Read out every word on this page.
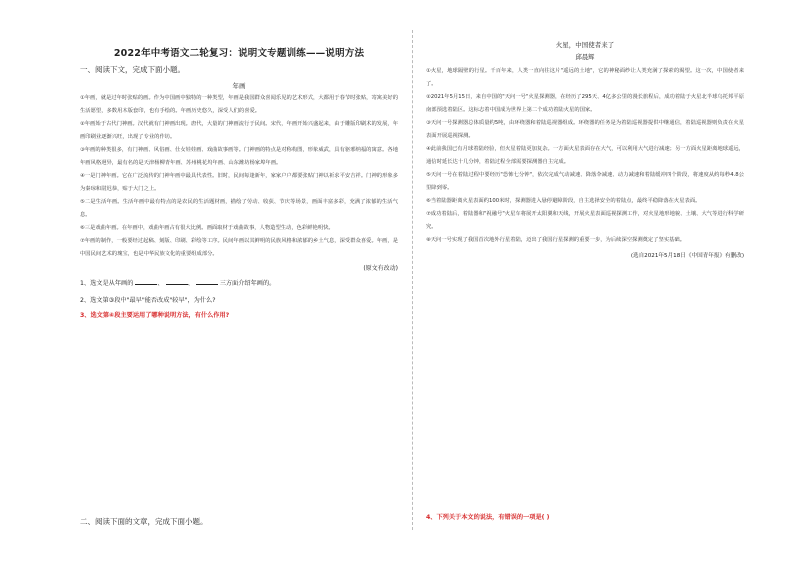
2022年中考语文二轮复习：说明文专题训练——说明方法

一、阅读下文，完成下面小题。

年画

①年画，就是过年时张贴的画。作为中国画中独特的一种类型，年画是我国群众喜闻乐见的艺术形式，大都用于春节时张贴，寄寓美好的生活愿望，多数用木版套印，也有手绘的。年画历史悠久，深受人们的喜爱。

②年画始于古代门神画。汉代就有门神画出现。唐代，大量的门神画流行于民间。宋代，年画开始兴盛起来，由于雕版印刷术的发展，年画印刷业逐渐兴旺，出现了专业的作坊。

③年画的种类很多，有门神画、风俗画、仕女娃娃画、戏曲故事画等。门神画的特点是对称构图，形象威武，具有驱邪纳福的寓意。各地年画风格迥异，最有名的是天津杨柳青年画、苏州桃花坞年画、山东潍坊杨家埠年画。

④一是门神年画。它在广泛流传的门神年画中最具代表性。旧时，民间每逢新年，家家户户都要张贴门神以祈求平安吉祥。门神的形象多为秦琼和尉迟恭，贴于大门之上。

⑤二是生活年画。生活年画中最有特点的是农民的生活题材画，描绘了劳动、收获、节庆等场景，画面丰富多彩，充满了浓郁的生活气息。

⑥三是戏曲年画。在年画中，戏曲年画占有很大比例。画面取材于戏曲故事，人物造型生动，色彩鲜艳明快。

⑦年画的制作，一般要经过起稿、刻版、印刷、彩绘等工序。民间年画以其鲜明的民族风格和浓郁的乡土气息，深受群众喜爱。年画，是中国民间艺术的瑰宝，也是中华民族文化的重要组成部分。

(原文有改动)

1、选文是从年画的	、	、	三方面介绍年画的。

2、选文第③段中"最早"能否改成"较早"，为什么?

3、选文第④段主要运用了哪种说明方法，有什么作用?

二、阅读下面的文章，完成下面小题。

火星，中国使者来了

邱晨辉

①火星，地球隔壁的行星。千百年来，人类一直向往这片"遥远的土地"，它的神秘面纱让人类充满了探索的渴望。这一次，中国使者来了。

②2021年5月15日，来自中国的"天问一号"火星探测器，在经历了295天、4亿多公里的漫长旅程后，成功着陆于火星北半球乌托邦平原南部预选着陆区。这标志着中国成为世界上第二个成功着陆火星的国家。

③天问一号探测器总体质量约5吨，由环绕器和着陆巡视器组成。环绕器的任务是为着陆巡视器提供中继通信，着陆巡视器则负责在火星表面开展巡视探测。

④此前我国已有月球着陆经验，但火星着陆更加复杂。一方面火星表面存在大气，可以利用大气进行减速；另一方面火星距离地球遥远，通信时延长达十几分钟，着陆过程全部需要探测器自主完成。

⑤天问一号在着陆过程中要经历"恐怖七分钟"，依次完成气动减速、降落伞减速、动力减速和着陆缓冲四个阶段，将速度从约每秒4.8公里降到零。

⑥当着陆器距离火星表面约100米时，探测器进入悬停避障阶段，自主选择安全的着陆点，最终平稳降落在火星表面。

⑦成功着陆后，着陆器和"祝融号"火星车将展开太阳翼和天线，开展火星表面巡视探测工作，对火星地形地貌、土壤、大气等进行科学研究。

⑧天问一号实现了我国首次地外行星着陆，迈出了我国行星探测的重要一步，为后续深空探测奠定了坚实基础。

(选自2021年5月18日《中国青年报》有删改)

4、下列关于本文的说法，有错误的一项是( )
